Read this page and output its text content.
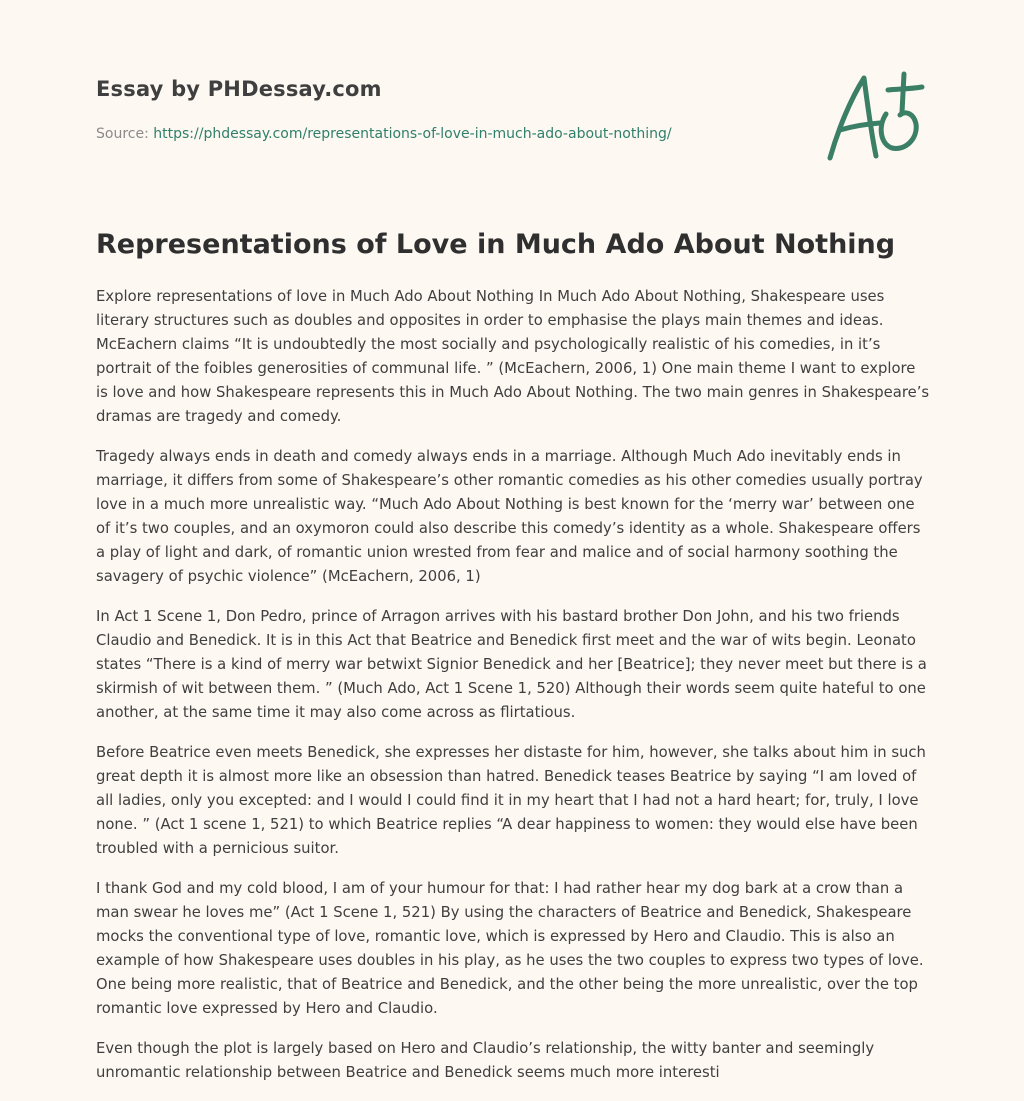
Essay by PHDessay.com
Source: https://phdessay.com/representations-of-love-in-much-ado-about-nothing/
Representations of Love in Much Ado About Nothing

Explore representations of love in Much Ado About Nothing In Much Ado About Nothing, Shakespeare uses literary structures such as doubles and opposites in order to emphasise the plays main themes and ideas. McEachern claims “It is undoubtedly the most socially and psychologically realistic of his comedies, in it’s portrait of the foibles generosities of communal life. ” (McEachern, 2006, 1) One main theme I want to explore is love and how Shakespeare represents this in Much Ado About Nothing. The two main genres in Shakespeare’s dramas are tragedy and comedy.

Tragedy always ends in death and comedy always ends in a marriage. Although Much Ado inevitably ends in marriage, it differs from some of Shakespeare’s other romantic comedies as his other comedies usually portray love in a much more unrealistic way. “Much Ado About Nothing is best known for the ‘merry war’ between one of it’s two couples, and an oxymoron could also describe this comedy’s identity as a whole. Shakespeare offers a play of light and dark, of romantic union wrested from fear and malice and of social harmony soothing the savagery of psychic violence” (McEachern, 2006, 1)

In Act 1 Scene 1, Don Pedro, prince of Arragon arrives with his bastard brother Don John, and his two friends Claudio and Benedick. It is in this Act that Beatrice and Benedick first meet and the war of wits begin. Leonato states “There is a kind of merry war betwixt Signior Benedick and her [Beatrice]; they never meet but there is a skirmish of wit between them. ” (Much Ado, Act 1 Scene 1, 520) Although their words seem quite hateful to one another, at the same time it may also come across as flirtatious.

Before Beatrice even meets Benedick, she expresses her distaste for him, however, she talks about him in such great depth it is almost more like an obsession than hatred. Benedick teases Beatrice by saying “I am loved of all ladies, only you excepted: and I would I could find it in my heart that I had not a hard heart; for, truly, I love none. ” (Act 1 scene 1, 521) to which Beatrice replies “A dear happiness to women: they would else have been troubled with a pernicious suitor.

I thank God and my cold blood, I am of your humour for that: I had rather hear my dog bark at a crow than a man swear he loves me” (Act 1 Scene 1, 521) By using the characters of Beatrice and Benedick, Shakespeare mocks the conventional type of love, romantic love, which is expressed by Hero and Claudio. This is also an example of how Shakespeare uses doubles in his play, as he uses the two couples to express two types of love. One being more realistic, that of Beatrice and Benedick, and the other being the more unrealistic, over the top romantic love expressed by Hero and Claudio.

Even though the plot is largely based on Hero and Claudio’s relationship, the witty banter and seemingly unromantic relationship between Beatrice and Benedick seems much more interesti
